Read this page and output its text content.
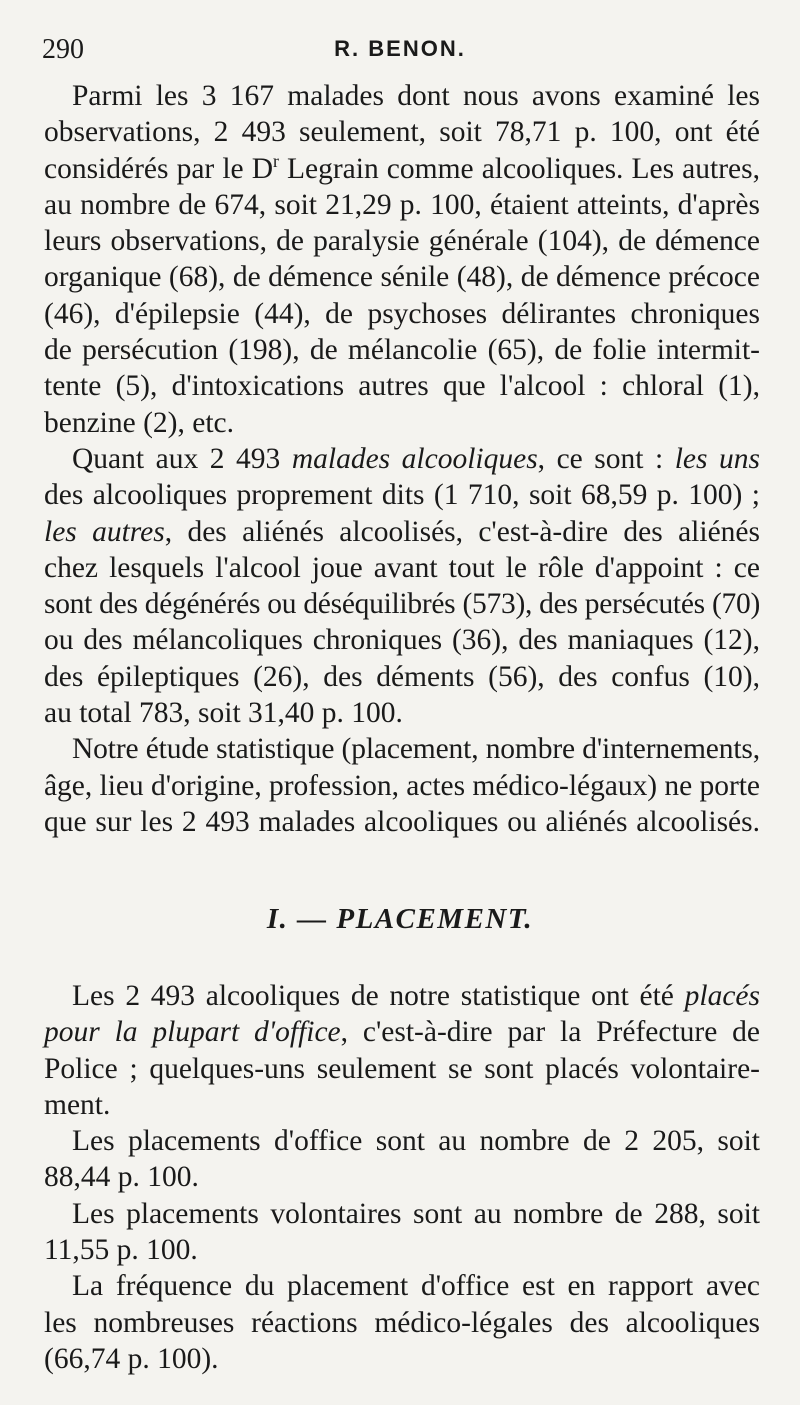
290	R. BENON.
Parmi les 3 167 malades dont nous avons examiné les
observations, 2 493 seulement, soit 78,71 p. 100, ont été
considérés par le $D^r$ Legrain comme alcooliques. Les autres,
au nombre de 674, soit 21,29 p. 100, étaient atteints, d'après
leurs observations, de paralysie générale (104), de démence
organique (68), de démence sénile (48), de démence précoce
(46), d'épilepsie (44), de psychoses délirantes chroniques
de persécution (198), de mélancolie (65), de folie intermit-
tente (5), d'intoxications autres que l'alcool : chloral (1),
benzine (2), etc.
Quant aux 2 493 malades alcooliques, ce sont : les uns
des alcooliques proprement dits (1 710, soit 68,59 p. 100) ;
les autres, des aliénés alcoolisés, c'est-à-dire des aliénés
chez lesquels l'alcool joue avant tout le rôle d'appoint : ce
sont des dégénérés ou déséquilibrés (573), des persécutés (70)
ou des mélancoliques chroniques (36), des maniaques (12),
des épileptiques (26), des déments (56), des confus (10),
au total 783, soit 31,40 p. 100.
Notre étude statistique (placement, nombre d'internements,
âge, lieu d'origine, profession, actes médico-légaux) ne porte
que sur les 2 493 malades alcooliques ou aliénés alcoolisés.
I. — PLACEMENT.
Les 2 493 alcooliques de notre statistique ont été placés
pour la plupart d'office, c'est-à-dire par la Préfecture de
Police ; quelques-uns seulement se sont placés volontaire-
ment.
Les placements d'office sont au nombre de 2 205, soit
88,44 p. 100.
Les placements volontaires sont au nombre de 288, soit
11,55 p. 100.
La fréquence du placement d'office est en rapport avec
les nombreuses réactions médico-légales des alcooliques
(66,74 p. 100).
